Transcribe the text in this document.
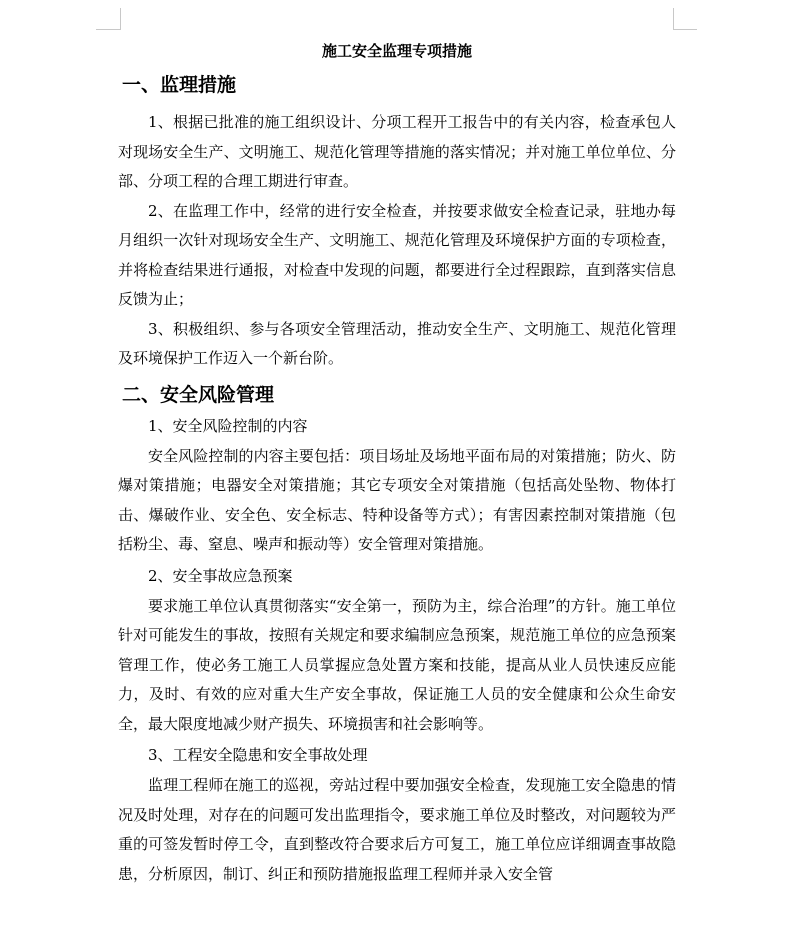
施工安全监理专项措施
一、监理措施

1、根据已批准的施工组织设计、分项工程开工报告中的有关内容，检查承包人对现场安全生产、文明施工、规范化管理等措施的落实情况；并对施工单位单位、分部、分项工程的合理工期进行审查。

2、在监理工作中，经常的进行安全检查，并按要求做安全检查记录，驻地办每月组织一次针对现场安全生产、文明施工、规范化管理及环境保护方面的专项检查，并将检查结果进行通报，对检查中发现的问题，都要进行全过程跟踪，直到落实信息反馈为止；

3、积极组织、参与各项安全管理活动，推动安全生产、文明施工、规范化管理及环境保护工作迈入一个新台阶。

二、安全风险管理

1、安全风险控制的内容

安全风险控制的内容主要包括：项目场址及场地平面布局的对策措施；防火、防爆对策措施；电器安全对策措施；其它专项安全对策措施（包括高处坠物、物体打击、爆破作业、安全色、安全标志、特种设备等方式）；有害因素控制对策措施（包括粉尘、毒、窒息、噪声和振动等）安全管理对策措施。

2、安全事故应急预案

要求施工单位认真贯彻落实“安全第一，预防为主，综合治理”的方针。施工单位针对可能发生的事故，按照有关规定和要求编制应急预案，规范施工单位的应急预案管理工作，使必务工施工人员掌握应急处置方案和技能，提高从业人员快速反应能力，及时、有效的应对重大生产安全事故，保证施工人员的安全健康和公众生命安全，最大限度地减少财产损失、环境损害和社会影响等。

3、工程安全隐患和安全事故处理

监理工程师在施工的巡视，旁站过程中要加强安全检查，发现施工安全隐患的情况及时处理，对存在的问题可发出监理指令，要求施工单位及时整改，对问题较为严重的可签发暂时停工令，直到整改符合要求后方可复工，施工单位应详细调查事故隐患，分析原因，制订、纠正和预防措施报监理工程师并录入安全管
